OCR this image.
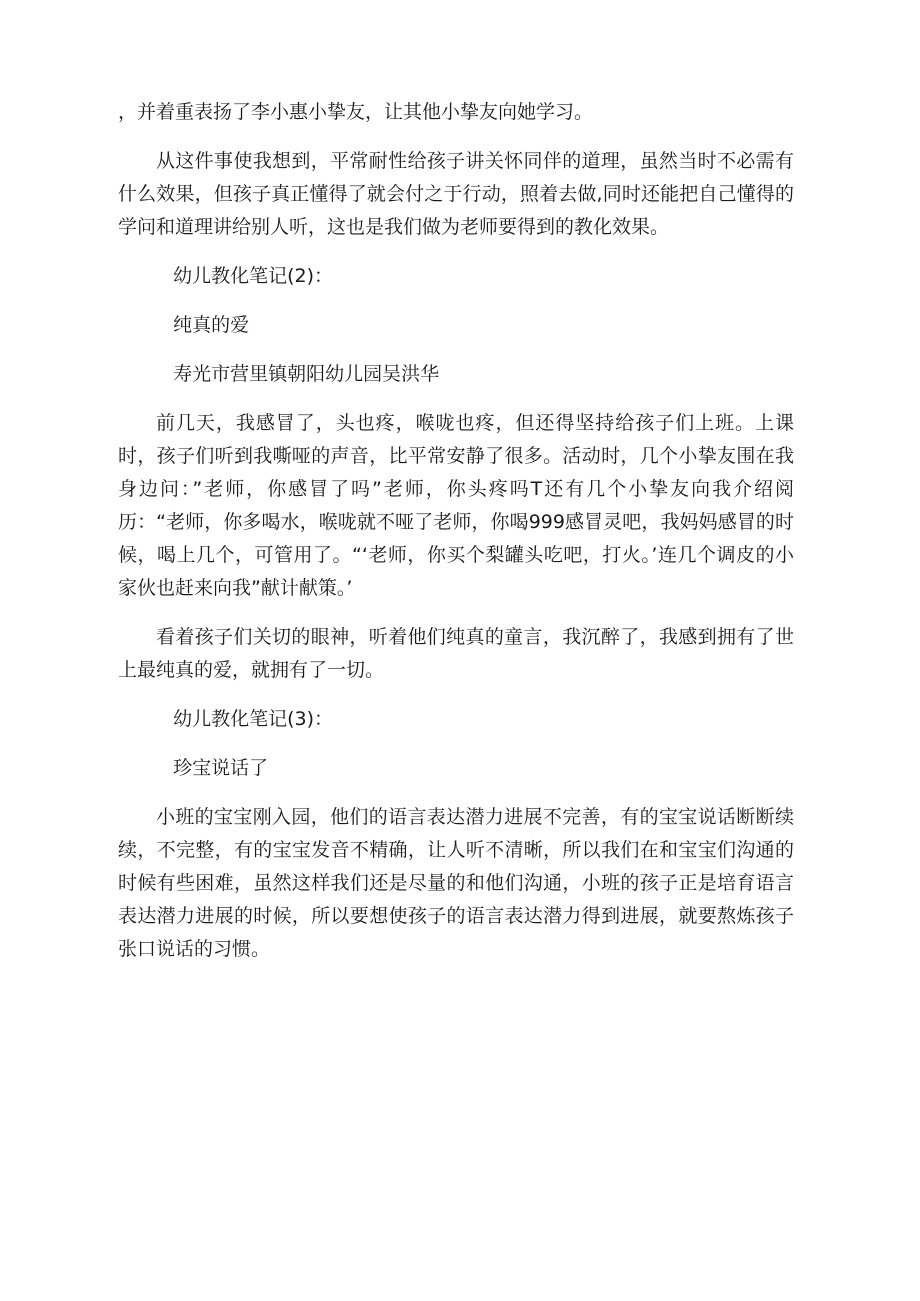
，并着重表扬了李小惠小挚友，让其他小挚友向她学习。

从这件事使我想到，平常耐性给孩子讲关怀同伴的道理，虽然当时不必需有什么效果，但孩子真正懂得了就会付之于行动，照着去做,同时还能把自己懂得的学问和道理讲给别人听，这也是我们做为老师要得到的教化效果。

幼儿教化笔记(2)：

纯真的爱

寿光市营里镇朝阳幼儿园吴洪华

前几天，我感冒了，头也疼，喉咙也疼，但还得坚持给孩子们上班。上课时，孩子们听到我嘶哑的声音，比平常安静了很多。活动时，几个小挚友围在我身边问：”老师，你感冒了吗”老师，你头疼吗T还有几个小挚友向我介绍阅历：“老师，你多喝水，喉咙就不哑了老师，你喝999感冒灵吧，我妈妈感冒的时候，喝上几个，可管用了。“‘老师，你买个梨罐头吃吧，打火。’连几个调皮的小家伙也赶来向我”献计献策。’

看着孩子们关切的眼神，听着他们纯真的童言，我沉醉了，我感到拥有了世上最纯真的爱，就拥有了一切。

幼儿教化笔记(3)：

珍宝说话了

小班的宝宝刚入园，他们的语言表达潜力进展不完善，有的宝宝说话断断续续，不完整，有的宝宝发音不精确，让人听不清晰，所以我们在和宝宝们沟通的时候有些困难，虽然这样我们还是尽量的和他们沟通，小班的孩子正是培育语言表达潜力进展的时候，所以要想使孩子的语言表达潜力得到进展，就要熬炼孩子张口说话的习惯。
